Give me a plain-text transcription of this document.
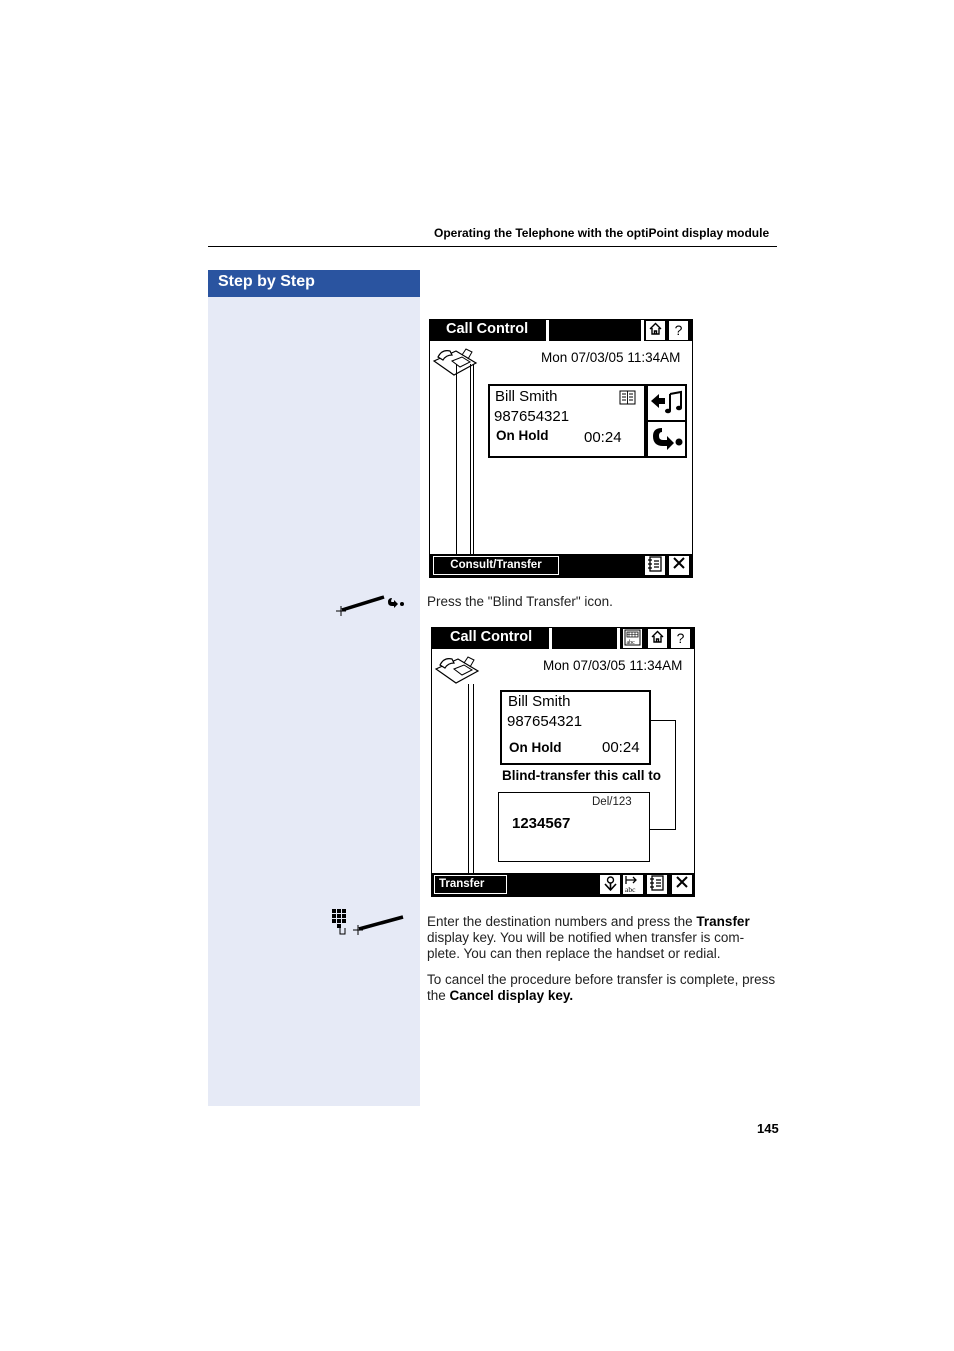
Operating the Telephone with the optiPoint display module
Step by Step
Call Control	?
Mon 07/03/05 11:34AM
Bill Smith
987654321
On Hold 00:24
Consult/Transfer
Press the "Blind Transfer" icon.
Call Control	abc	?
Mon 07/03/05 11:34AM
Bill Smith
987654321
On Hold	00:24
Blind-transfer this call to
Del/123
1234567
Transfer	abc
Enter the destination numbers and press the Transfer display key. You will be notified when transfer is com-plete. You can then replace the handset or redial.
To cancel the procedure before transfer is complete, press the Cancel display key.
145
